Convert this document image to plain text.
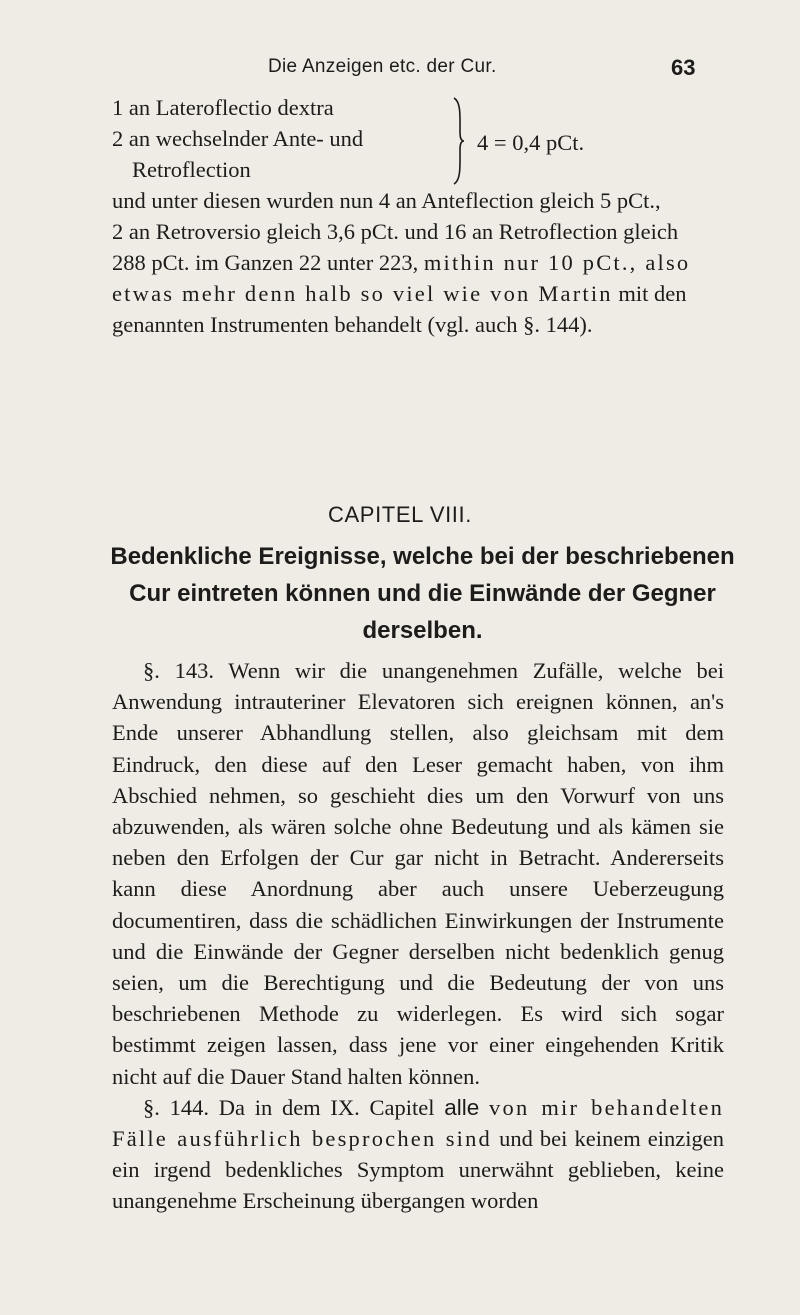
Die Anzeigen etc. der Cur.	63
1 an Lateroflectio dextra
2 an wechselnder Ante- und
Retroflection
4 = 0,4 pCt.
und unter diesen wurden nun 4 an Anteflection gleich 5 pCt.,
2 an Retroversio gleich 3,6 pCt. und 16 an Retroflection gleich
288 pCt. im Ganzen 22 unter 223, mithin nur 10 pCt., also
etwas mehr denn halb so viel wie von Martin mit den
genannten Instrumenten behandelt (vgl. auch §. 144).
CAPITEL VIII.
Bedenkliche Ereignisse, welche bei der beschriebenen Cur eintreten können und die Einwände der Gegner derselben.

§. 143. Wenn wir die unangenehmen Zufälle, welche bei Anwendung intrauteriner Elevatoren sich ereignen können, an's Ende unserer Abhandlung stellen, also gleichsam mit dem Eindruck, den diese auf den Leser gemacht haben, von ihm Abschied nehmen, so geschieht dies um den Vorwurf von uns abzuwenden, als wären solche ohne Bedeutung und als kämen sie neben den Erfolgen der Cur gar nicht in Betracht. Andererseits kann diese Anordnung aber auch unsere Ueberzeugung documentiren, dass die schädlichen Einwirkungen der Instrumente und die Einwände der Gegner derselben nicht bedenklich genug seien, um die Berechtigung und die Bedeutung der von uns beschriebenen Methode zu widerlegen. Es wird sich sogar bestimmt zeigen lassen, dass jene vor einer eingehenden Kritik nicht auf die Dauer Stand halten können.

§. 144. Da in dem IX. Capitel alle von mir behandelten Fälle ausführlich besprochen sind und bei keinem einzigen ein irgend bedenkliches Symptom unerwähnt geblieben, keine unangenehme Erscheinung übergangen worden
